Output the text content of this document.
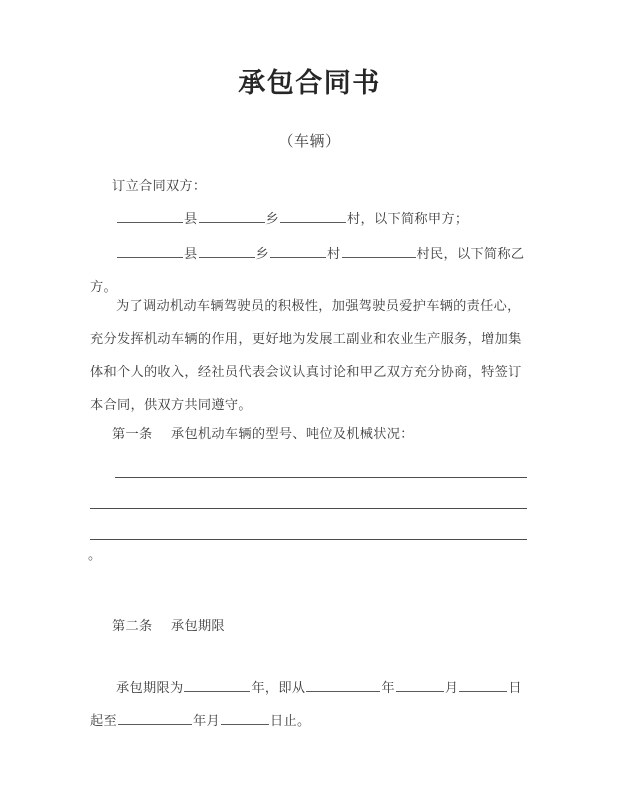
承包合同书
（车辆）
订立合同双方：
县	乡	村，以下简称甲方；
县	乡	村	村民，以下简称乙方。
为了调动机动车辆驾驶员的积极性，加强驾驶员爱护车辆的责任心，充分发挥机动车辆的作用，更好地为发展工副业和农业生产服务，增加集体和个人的收入，经社员代表会议认真讨论和甲乙双方充分协商，特签订本合同，供双方共同遵守。
第一条 承包机动车辆的型号、吨位及机械状况：
。
第二条 承包期限
承包期限为	年，即从	年	月	日起至	年月	日止。
